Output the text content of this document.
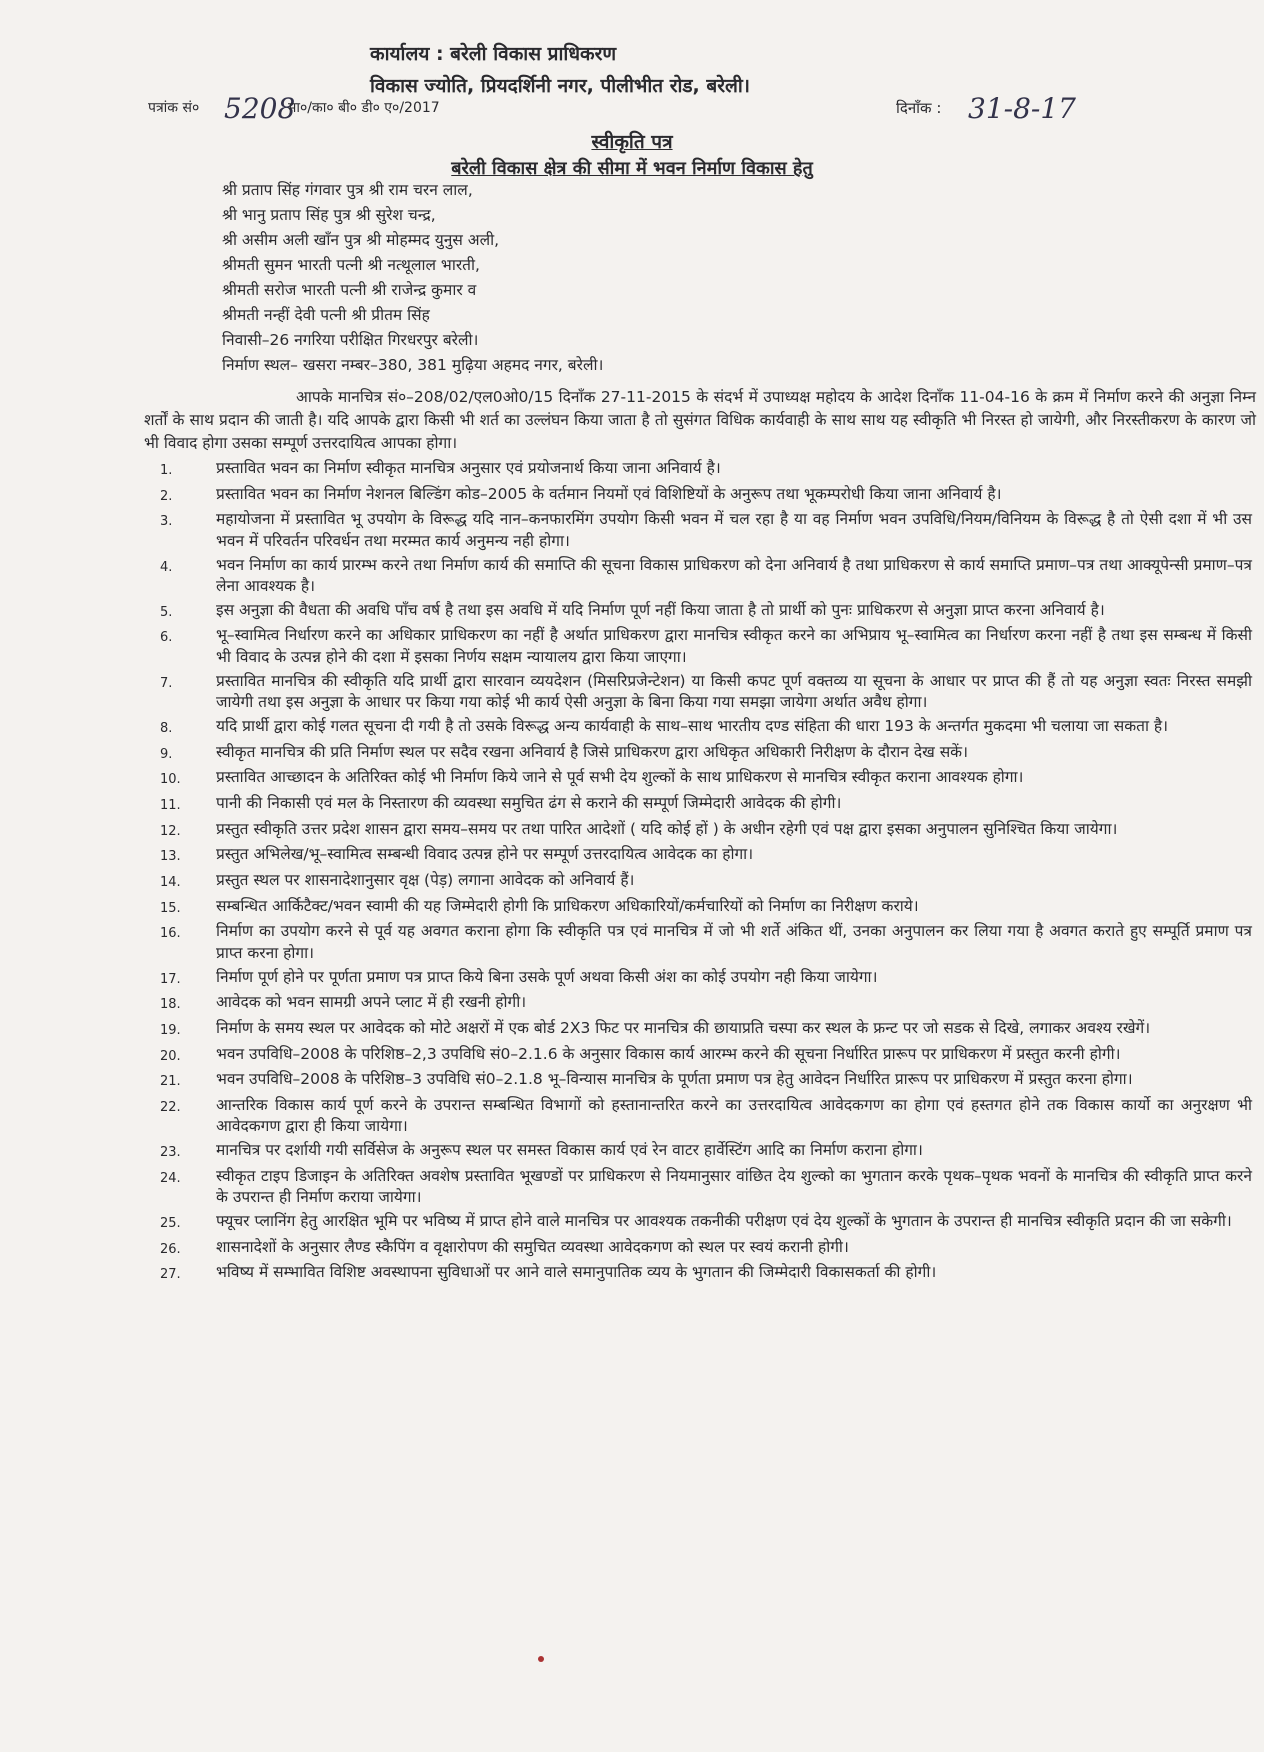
कार्यालय : बरेली विकास प्राधिकरण
विकास ज्योति, प्रियदर्शिनी नगर, पीलीभीत रोड, बरेली।
पत्रांक सं० 5208
मा०/का० बी० डी० ए०/2017	दिनाँक : 31-8-17
स्वीकृति पत्र
बरेली विकास क्षेत्र की सीमा में भवन निर्माण विकास हेतु
श्री प्रताप सिंह गंगवार पुत्र श्री राम चरन लाल,
श्री भानु प्रताप सिंह पुत्र श्री सुरेश चन्द्र,
श्री असीम अली खाँन पुत्र श्री मोहम्मद युनुस अली,
श्रीमती सुमन भारती पत्नी श्री नत्थूलाल भारती,
श्रीमती सरोज भारती पत्नी श्री राजेन्द्र कुमार व
श्रीमती नन्हीं देवी पत्नी श्री प्रीतम सिंह
निवासी–26 नगरिया परीक्षित गिरधरपुर बरेली।
निर्माण स्थल– खसरा नम्बर–380, 381 मुढ़िया अहमद नगर, बरेली।
आपके मानचित्र सं०–208/02/एल0ओ0/15 दिनाँक 27-11-2015 के संदर्भ में उपाध्यक्ष महोदय के आदेश दिनाँक 11-04-16 के क्रम में निर्माण करने की अनुज्ञा निम्न शर्तों के साथ प्रदान की जाती है। यदि आपके द्वारा किसी भी शर्त का उल्लंघन किया जाता है तो सुसंगत विधिक कार्यवाही के साथ साथ यह स्वीकृति भी निरस्त हो जायेगी, और निरस्तीकरण के कारण जो भी विवाद होगा उसका सम्पूर्ण उत्तरदायित्व आपका होगा।
1.	प्रस्तावित भवन का निर्माण स्वीकृत मानचित्र अनुसार एवं प्रयोजनार्थ किया जाना अनिवार्य है।
2.	प्रस्तावित भवन का निर्माण नेशनल बिल्डिंग कोड–2005 के वर्तमान नियमों एवं विशिष्टियों के अनुरूप तथा भूकम्परोधी किया जाना अनिवार्य है।
3.	महायोजना में प्रस्तावित भू उपयोग के विरूद्ध यदि नान–कनफारमिंग उपयोग किसी भवन में चल रहा है या वह निर्माण भवन उपविधि/नियम/विनियम के विरूद्ध है तो ऐसी दशा में भी उस भवन में परिवर्तन परिवर्धन तथा मरम्मत कार्य अनुमन्य नही होगा।
4.	भवन निर्माण का कार्य प्रारम्भ करने तथा निर्माण कार्य की समाप्ति की सूचना विकास प्राधिकरण को देना अनिवार्य है तथा प्राधिकरण से कार्य समाप्ति प्रमाण–पत्र तथा आक्यूपेन्सी प्रमाण–पत्र लेना आवश्यक है।
5.	इस अनुज्ञा की वैधता की अवधि पाँच वर्ष है तथा इस अवधि में यदि निर्माण पूर्ण नहीं किया जाता है तो प्रार्थी को पुनः प्राधिकरण से अनुज्ञा प्राप्त करना अनिवार्य है।
6.	भू–स्वामित्व निर्धारण करने का अधिकार प्राधिकरण का नहीं है अर्थात प्राधिकरण द्वारा मानचित्र स्वीकृत करने का अभिप्राय भू–स्वामित्व का निर्धारण करना नहीं है तथा इस सम्बन्ध में किसी भी विवाद के उत्पन्न होने की दशा में इसका निर्णय सक्षम न्यायालय द्वारा किया जाएगा।
7.	प्रस्तावित मानचित्र की स्वीकृति यदि प्रार्थी द्वारा सारवान व्ययदेशन (मिसरिप्रजेन्टेशन) या किसी कपट पूर्ण वक्तव्य या सूचना के आधार पर प्राप्त की हैं तो यह अनुज्ञा स्वतः निरस्त समझी जायेगी तथा इस अनुज्ञा के आधार पर किया गया कोई भी कार्य ऐसी अनुज्ञा के बिना किया गया समझा जायेगा अर्थात अवैध होगा।
8.	यदि प्रार्थी द्वारा कोई गलत सूचना दी गयी है तो उसके विरूद्ध अन्य कार्यवाही के साथ–साथ भारतीय दण्ड संहिता की धारा 193 के अन्तर्गत मुकदमा भी चलाया जा सकता है।
9.	स्वीकृत मानचित्र की प्रति निर्माण स्थल पर सदैव रखना अनिवार्य है जिसे प्राधिकरण द्वारा अधिकृत अधिकारी निरीक्षण के दौरान देख सकें।
10.	प्रस्तावित आच्छादन के अतिरिक्त कोई भी निर्माण किये जाने से पूर्व सभी देय शुल्कों के साथ प्राधिकरण से मानचित्र स्वीकृत कराना आवश्यक होगा।
11.	पानी की निकासी एवं मल के निस्तारण की व्यवस्था समुचित ढंग से कराने की सम्पूर्ण जिम्मेदारी आवेदक की होगी।
12.	प्रस्तुत स्वीकृति उत्तर प्रदेश शासन द्वारा समय–समय पर तथा पारित आदेशों ( यदि कोई हों ) के अधीन रहेगी एवं पक्ष द्वारा इसका अनुपालन सुनिश्चित किया जायेगा।
13.	प्रस्तुत अभिलेख/भू–स्वामित्व सम्बन्धी विवाद उत्पन्न होने पर सम्पूर्ण उत्तरदायित्व आवेदक का होगा।
14.	प्रस्तुत स्थल पर शासनादेशानुसार वृक्ष (पेड़) लगाना आवेदक को अनिवार्य हैं।
15.	सम्बन्धित आर्किटैक्ट/भवन स्वामी की यह जिम्मेदारी होगी कि प्राधिकरण अधिकारियों/कर्मचारियों को निर्माण का निरीक्षण कराये।
16.	निर्माण का उपयोग करने से पूर्व यह अवगत कराना होगा कि स्वीकृति पत्र एवं मानचित्र में जो भी शर्ते अंकित थीं, उनका अनुपालन कर लिया गया है अवगत कराते हुए सम्पूर्ति प्रमाण पत्र प्राप्त करना होगा।
17.	निर्माण पूर्ण होने पर पूर्णता प्रमाण पत्र प्राप्त किये बिना उसके पूर्ण अथवा किसी अंश का कोई उपयोग नही किया जायेगा।
18.	आवेदक को भवन सामग्री अपने प्लाट में ही रखनी होगी।
19.	निर्माण के समय स्थल पर आवेदक को मोटे अक्षरों में एक बोर्ड 2X3 फिट पर मानचित्र की छायाप्रति चस्पा कर स्थल के फ्रन्ट पर जो सडक से दिखे, लगाकर अवश्य रखेगें।
20.	भवन उपविधि–2008 के परिशिष्ठ–2,3 उपविधि सं0–2.1.6 के अनुसार विकास कार्य आरम्भ करने की सूचना निर्धारित प्रारूप पर प्राधिकरण में प्रस्तुत करनी होगी।
21.	भवन उपविधि–2008 के परिशिष्ठ–3 उपविधि सं0–2.1.8 भू–विन्यास मानचित्र के पूर्णता प्रमाण पत्र हेतु आवेदन निर्धारित प्रारूप पर प्राधिकरण में प्रस्तुत करना होगा।
22.	आन्तरिक विकास कार्य पूर्ण करने के उपरान्त सम्बन्धित विभागों को हस्तानान्तरित करने का उत्तरदायित्व आवेदकगण का होगा एवं हस्तगत होने तक विकास कार्यो का अनुरक्षण भी आवेदकगण द्वारा ही किया जायेगा।
23.	मानचित्र पर दर्शायी गयी सर्विसेज के अनुरूप स्थल पर समस्त विकास कार्य एवं रेन वाटर हार्वेस्टिंग आदि का निर्माण कराना होगा।
24.	स्वीकृत टाइप डिजाइन के अतिरिक्त अवशेष प्रस्तावित भूखण्डों पर प्राधिकरण से नियमानुसार वांछित देय शुल्को का भुगतान करके पृथक–पृथक भवनों के मानचित्र की स्वीकृति प्राप्त करने के उपरान्त ही निर्माण कराया जायेगा।
25.	फ्यूचर प्लानिंग हेतु आरक्षित भूमि पर भविष्य में प्राप्त होने वाले मानचित्र पर आवश्यक तकनीकी परीक्षण एवं देय शुल्कों के भुगतान के उपरान्त ही मानचित्र स्वीकृति प्रदान की जा सकेगी।
26.	शासनादेशों के अनुसार लैण्ड स्कैपिंग व वृक्षारोपण की समुचित व्यवस्था आवेदकगण को स्थल पर स्वयं करानी होगी।
27.	भविष्य में सम्भावित विशिष्ट अवस्थापना सुविधाओं पर आने वाले समानुपातिक व्यय के भुगतान की जिम्मेदारी विकासकर्ता की होगी।
